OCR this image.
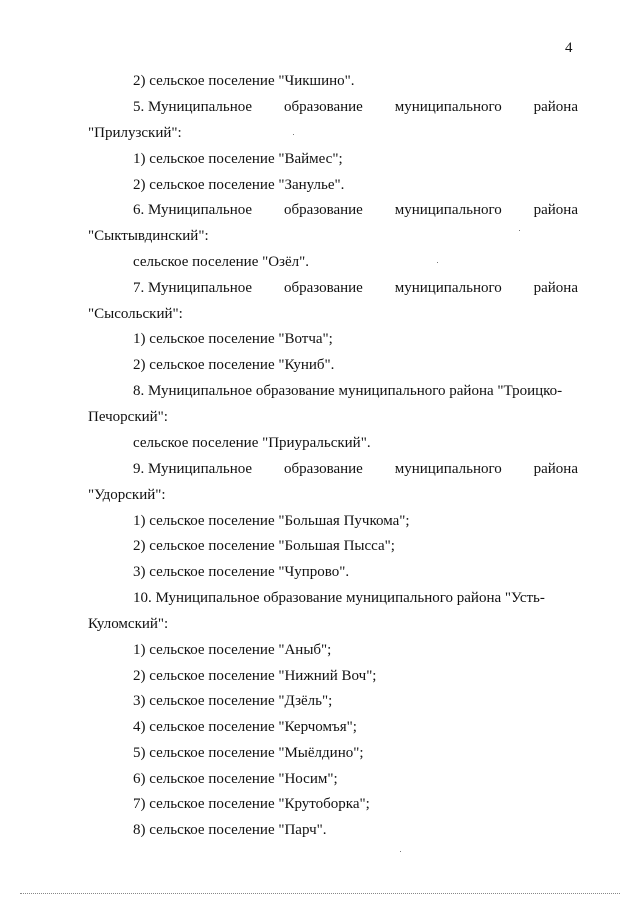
4
2) сельское поселение "Чикшино".
5. Муниципальное образование муниципального района
"Прилузский":
1) сельское поселение "Ваймес";
2) сельское поселение "Занулье".
6. Муниципальное образование муниципального района
"Сыктывдинский":
сельское поселение "Озёл".
7. Муниципальное образование муниципального района
"Сысольский":
1) сельское поселение "Вотча";
2) сельское поселение "Куниб".
8. Муниципальное образование муниципального района "Троицко-
Печорский":
сельское поселение "Приуральский".
9. Муниципальное образование муниципального района
"Удорский":
1) сельское поселение "Большая Пучкома";
2) сельское поселение "Большая Пысса";
3) сельское поселение "Чупрово".
10. Муниципальное образование муниципального района "Усть-
Куломский":
1) сельское поселение "Аныб";
2) сельское поселение "Нижний Воч";
3) сельское поселение "Дзёль";
4) сельское поселение "Керчомъя";
5) сельское поселение "Мыёлдино";
6) сельское поселение "Носим";
7) сельское поселение "Крутоборка";
8) сельское поселение "Парч".
